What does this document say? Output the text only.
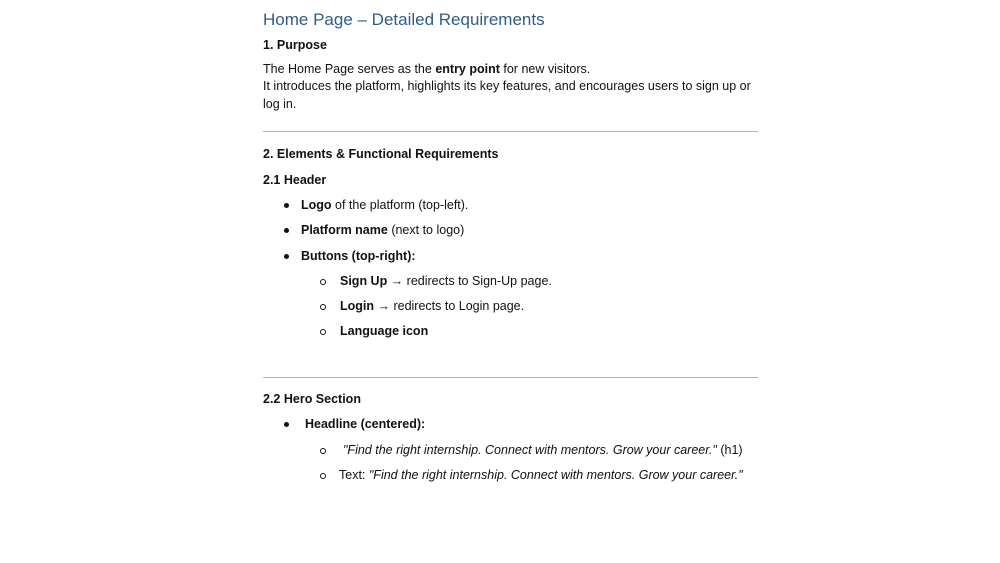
Home Page – Detailed Requirements
1. Purpose
The Home Page serves as the entry point for new visitors.
It introduces the platform, highlights its key features, and encourages users to sign up or log in.
2. Elements & Functional Requirements
2.1 Header
Logo of the platform (top-left).
Platform name (next to logo)
Buttons (top-right):
Sign Up → redirects to Sign-Up page.
Login → redirects to Login page.
Language icon
2.2 Hero Section
Headline (centered):
"Find the right internship. Connect with mentors. Grow your career." (h1)
Text: "Find the right internship. Connect with mentors. Grow your career."
